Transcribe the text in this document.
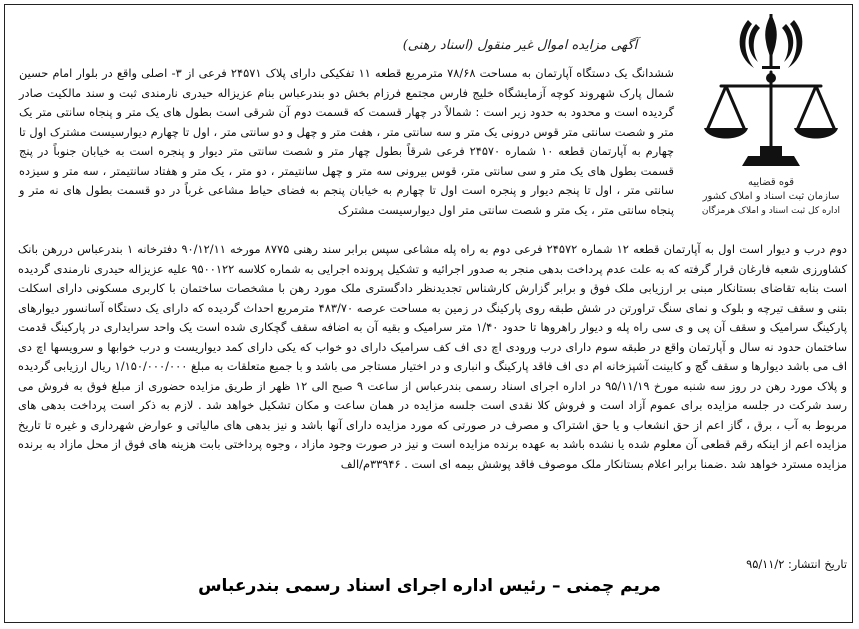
قوه قضاییه
سازمان ثبت اسناد و املاک کشور
اداره کل ثبت اسناد و املاک هرمزگان
آگهی مزایده اموال غیر منقول (اسناد رهنی)
ششدانگ یک دستگاه آپارتمان به مساحت ۷۸/۶۸ مترمربع قطعه ۱۱ تفکیکی دارای پلاک ۲۴۵۷۱ فرعی از ۳- اصلی واقع در بلوار امام حسین شمال پارک شهروند کوچه آزمایشگاه خلیج فارس مجتمع فرزام بخش دو بندرعباس بنام عزیزاله حیدری نارمندی ثبت و سند مالکیت صادر گردیده است و محدود به حدود زیر است : شمالاً در چهار قسمت که قسمت دوم آن شرقی است بطول های یک متر و پنجاه سانتی متر یک متر و شصت سانتی متر قوس درونی یک متر و سه سانتی متر ، هفت متر و چهل و دو سانتی متر ، اول تا چهارم دیوارسیست مشترک اول تا چهارم به آپارتمان قطعه ۱۰ شماره ۲۴۵۷۰ فرعی شرقاً بطول چهار متر و شصت سانتی متر دیوار و پنجره است به خیابان جنوباً در پنج قسمت بطول های یک متر و سی سانتی متر، قوس بیرونی سه متر و چهل سانتیمتر ، دو متر ، یک متر و هفتاد سانتیمتر ، سه متر و سیزده سانتی متر ، اول تا پنجم دیوار و پنجره است اول تا چهارم به خیابان پنجم به فضای حیاط مشاعی غرباً در دو قسمت بطول های نه متر و پنجاه سانتی متر ، یک متر و شصت سانتی متر اول دیوارسیست مشترک
دوم درب و دیوار است اول به آپارتمان قطعه ۱۲ شماره ۲۴۵۷۲ فرعی دوم به راه پله مشاعی سپس برابر سند رهنی ۸۷۷۵ مورخه ۹۰/۱۲/۱۱ دفترخانه ۱ بندرعباس دررهن بانک کشاورزی شعبه فارغان قرار گرفته که به علت عدم پرداخت بدهی منجر به صدور اجرائیه و تشکیل پرونده اجرایی به شماره کلاسه ۹۵۰۰۱۲۲ علیه عزیزاله حیدری نارمندی گردیده است بنابه تقاضای بستانکار مبنی بر ارزیابی ملک فوق و برابر گزارش کارشناس تجدیدنظر دادگستری ملک مورد رهن با مشخصات ساختمان با کاربری مسکونی دارای اسکلت بتنی و سقف تیرچه و بلوک و نمای سنگ تراورتن در شش طبقه روی پارکینگ در زمین به مساحت عرصه ۴۸۳/۷۰ مترمربع احداث گردیده که دارای یک دستگاه آسانسور دیوارهای پارکینگ سرامیک و سقف آن پی و ی سی راه پله و دیوار راهروها تا حدود ۱/۴۰ متر سرامیک و بقیه آن به اضافه سقف گچکاری شده است یک واحد سرایداری در پارکینگ قدمت ساختمان حدود نه سال و آپارتمان واقع در طبقه سوم دارای درب ورودی اچ دی اف کف سرامیک دارای دو خواب که یکی دارای کمد دیواریست و درب خوابها و سرویسها اچ دی اف می باشد دیوارها و سقف گچ و کابینت آشپزخانه ام دی اف فاقد پارکینگ و انباری و در اختیار مستاجر می باشد و با جمیع متعلقات به مبلغ ۱/۱۵۰/۰۰۰/۰۰۰ ریال ارزیابی گردیده و پلاک مورد رهن در روز سه شنبه مورخ ۹۵/۱۱/۱۹ در اداره اجرای اسناد رسمی بندرعباس از ساعت ۹ صبح الی ۱۲ ظهر از طریق مزایده حضوری از مبلغ فوق به فروش می رسد شرکت در جلسه مزایده برای عموم آزاد است و فروش کلا نقدی است جلسه مزایده در همان ساعت و مکان تشکیل خواهد شد . لازم به ذکر است پرداخت بدهی های مربوط به آب ، برق ، گاز اعم از حق انشعاب و یا حق اشتراک و مصرف در صورتی که مورد مزایده دارای آنها باشد و نیز بدهی های مالیاتی و عوارض شهرداری و غیره تا تاریخ مزایده اعم از اینکه رقم قطعی آن معلوم شده یا نشده باشد به عهده برنده مزایده است و نیز در صورت وجود مازاد ، وجوه پرداختی بابت هزینه های فوق از محل مازاد به برنده مزایده مسترد خواهد شد .ضمنا برابر اعلام بستانکار ملک موصوف فاقد پوشش بیمه ای است . ۳۳۹۴۶م/الف
تاریخ انتشار: ۹۵/۱۱/۲
مریم چمنی – رئیس اداره اجرای اسناد رسمی بندرعباس
